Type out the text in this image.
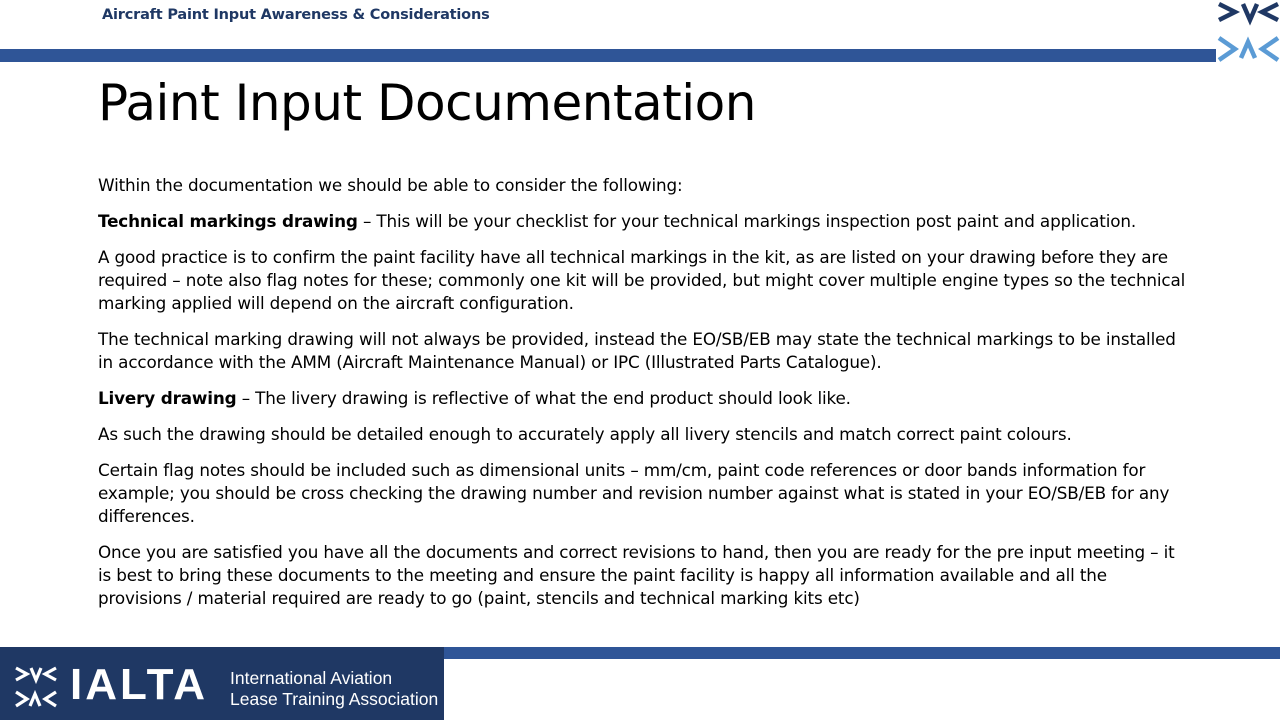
Aircraft Paint Input Awareness & Considerations
Paint Input Documentation

Within the documentation we should be able to consider the following:

Technical markings drawing – This will be your checklist for your technical markings inspection post paint and application.

A good practice is to confirm the paint facility have all technical markings in the kit, as are listed on your drawing before they are required – note also flag notes for these; commonly one kit will be provided, but might cover multiple engine types so the technical marking applied will depend on the aircraft configuration.

The technical marking drawing will not always be provided, instead the EO/SB/EB may state the technical markings to be installed in accordance with the AMM (Aircraft Maintenance Manual) or IPC (Illustrated Parts Catalogue).

Livery drawing – The livery drawing is reflective of what the end product should look like.

As such the drawing should be detailed enough to accurately apply all livery stencils and match correct paint colours.

Certain flag notes should be included such as dimensional units – mm/cm, paint code references or door bands information for example; you should be cross checking the drawing number and revision number against what is stated in your EO/SB/EB for any differences.

Once you are satisfied you have all the documents and correct revisions to hand, then you are ready for the pre input meeting – it is best to bring these documents to the meeting and ensure the paint facility is happy all information available and all the provisions / material required are ready to go (paint, stencils and technical marking kits etc)

IALTA International Aviation
Lease Training Association
